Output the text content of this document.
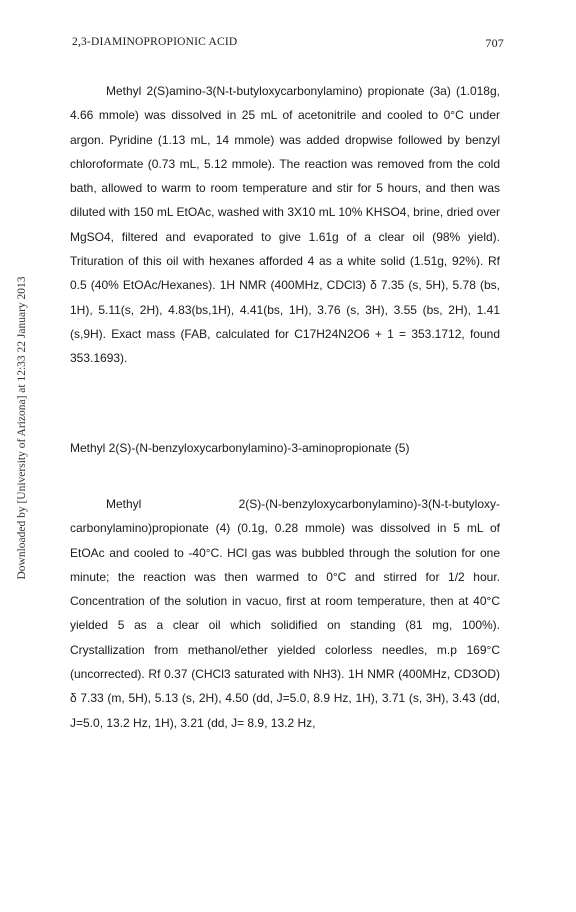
2,3-DIAMINOPROPIONIC ACID	707
Downloaded by [University of Arizona] at 12:33 22 January 2013

Methyl 2(S)amino-3(N-t-butyloxycarbonylamino) propionate (3a) (1.018g, 4.66 mmole) was dissolved in 25 mL of acetonitrile and cooled to 0°C under argon. Pyridine (1.13 mL, 14 mmole) was added dropwise followed by benzyl chloroformate (0.73 mL, 5.12 mmole). The reaction was removed from the cold bath, allowed to warm to room temperature and stir for 5 hours, and then was diluted with 150 mL EtOAc, washed with 3X10 mL 10% KHSO4, brine, dried over MgSO4, filtered and evaporated to give 1.61g of a clear oil (98% yield). Trituration of this oil with hexanes afforded 4 as a white solid (1.51g, 92%). Rf 0.5 (40% EtOAc/Hexanes). 1H NMR (400MHz, CDCl3) δ 7.35 (s, 5H), 5.78 (bs, 1H), 5.11(s, 2H), 4.83(bs,1H), 4.41(bs, 1H), 3.76 (s, 3H), 3.55 (bs, 2H), 1.41 (s,9H). Exact mass (FAB, calculated for C17H24N2O6 + 1 = 353.1712, found 353.1693).

Methyl 2(S)-(N-benzyloxycarbonylamino)-3-aminopropionate (5)

Methyl 2(S)-(N-benzyloxycarbonylamino)-3(N-t-butyloxy-carbonylamino)propionate (4) (0.1g, 0.28 mmole) was dissolved in 5 mL of EtOAc and cooled to -40°C. HCl gas was bubbled through the solution for one minute; the reaction was then warmed to 0°C and stirred for 1/2 hour. Concentration of the solution in vacuo, first at room temperature, then at 40°C yielded 5 as a clear oil which solidified on standing (81 mg, 100%). Crystallization from methanol/ether yielded colorless needles, m.p 169°C (uncorrected). Rf 0.37 (CHCl3 saturated with NH3). 1H NMR (400MHz, CD3OD) δ 7.33 (m, 5H), 5.13 (s, 2H), 4.50 (dd, J=5.0, 8.9 Hz, 1H), 3.71 (s, 3H), 3.43 (dd, J=5.0, 13.2 Hz, 1H), 3.21 (dd, J= 8.9, 13.2 Hz,
